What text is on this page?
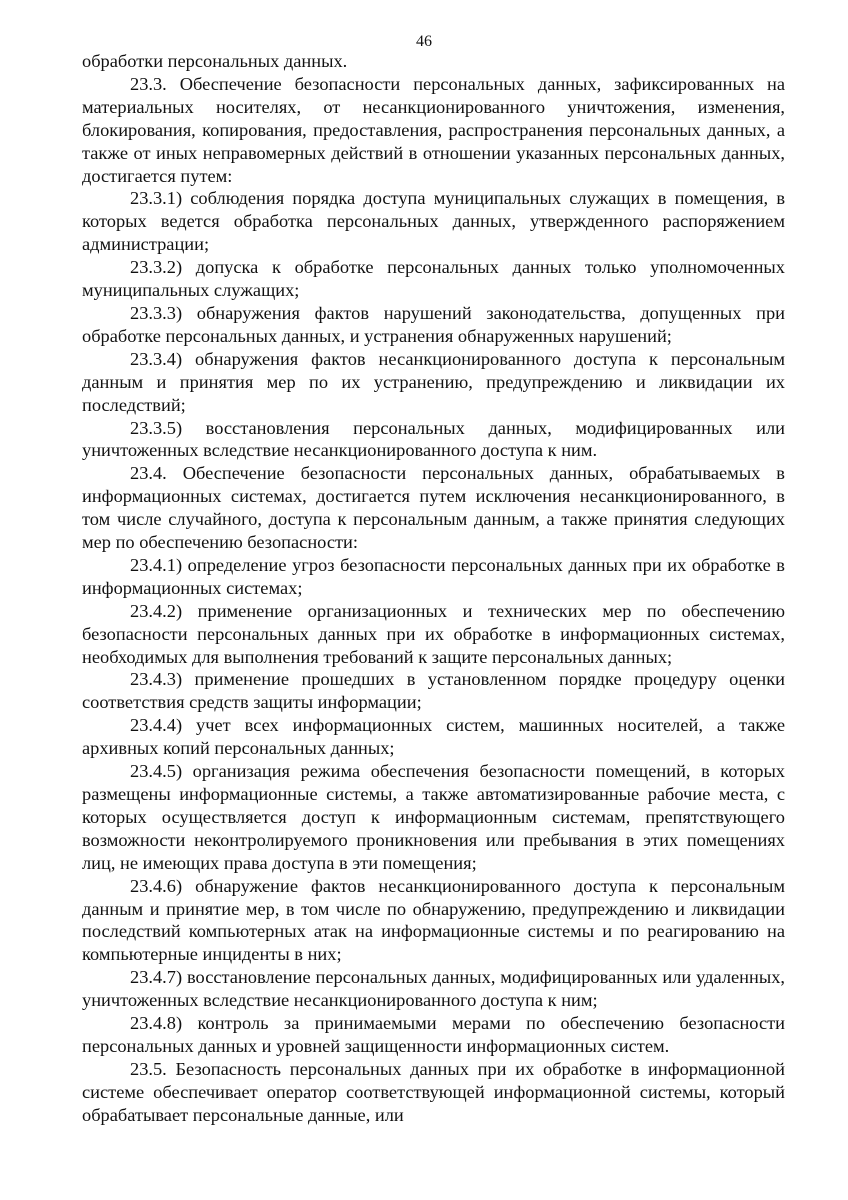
46

обработки персональных данных.

23.3. Обеспечение безопасности персональных данных, зафиксированных на материальных носителях, от несанкционированного уничтожения, изменения, блокирования, копирования, предоставления, распространения персональных данных, а также от иных неправомерных действий в отношении указанных персональных данных, достигается путем:

23.3.1) соблюдения порядка доступа муниципальных служащих в помещения, в которых ведется обработка персональных данных, утвержденного распоряжением администрации;

23.3.2) допуска к обработке персональных данных только уполномоченных муниципальных служащих;

23.3.3) обнаружения фактов нарушений законодательства, допущенных при обработке персональных данных, и устранения обнаруженных нарушений;

23.3.4) обнаружения фактов несанкционированного доступа к персональным данным и принятия мер по их устранению, предупреждению и ликвидации их последствий;

23.3.5) восстановления персональных данных, модифицированных или уничтоженных вследствие несанкционированного доступа к ним.

23.4. Обеспечение безопасности персональных данных, обрабатываемых в информационных системах, достигается путем исключения несанкционированного, в том числе случайного, доступа к персональным данным, а также принятия следующих мер по обеспечению безопасности:

23.4.1) определение угроз безопасности персональных данных при их обработке в информационных системах;

23.4.2) применение организационных и технических мер по обеспечению безопасности персональных данных при их обработке в информационных системах, необходимых для выполнения требований к защите персональных данных;

23.4.3) применение прошедших в установленном порядке процедуру оценки соответствия средств защиты информации;

23.4.4) учет всех информационных систем, машинных носителей, а также архивных копий персональных данных;

23.4.5) организация режима обеспечения безопасности помещений, в которых размещены информационные системы, а также автоматизированные рабочие места, с которых осуществляется доступ к информационным системам, препятствующего возможности неконтролируемого проникновения или пребывания в этих помещениях лиц, не имеющих права доступа в эти помещения;

23.4.6) обнаружение фактов несанкционированного доступа к персональным данным и принятие мер, в том числе по обнаружению, предупреждению и ликвидации последствий компьютерных атак на информационные системы и по реагированию на компьютерные инциденты в них;

23.4.7) восстановление персональных данных, модифицированных или удаленных, уничтоженных вследствие несанкционированного доступа к ним;

23.4.8) контроль за принимаемыми мерами по обеспечению безопасности персональных данных и уровней защищенности информационных систем.

23.5. Безопасность персональных данных при их обработке в информационной системе обеспечивает оператор соответствующей информационной системы, который обрабатывает персональные данные, или
